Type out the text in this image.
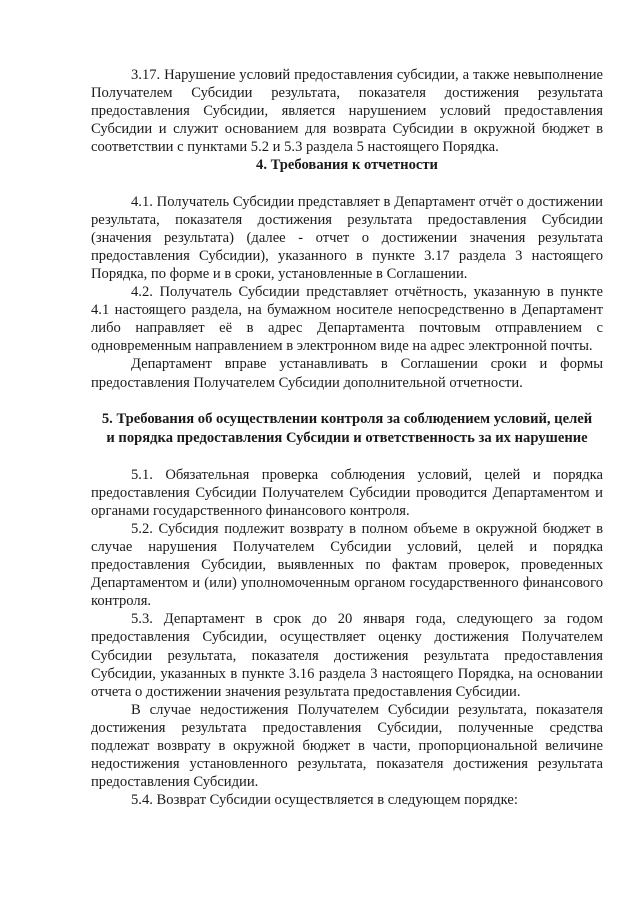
3.17. Нарушение условий предоставления субсидии, а также невыполнение Получателем Субсидии результата, показателя достижения результата предоставления Субсидии, является нарушением условий предоставления Субсидии и служит основанием для возврата Субсидии в окружной бюджет в соответствии с пунктами 5.2 и 5.3 раздела 5 настоящего Порядка.

4. Требования к отчетности

4.1. Получатель Субсидии представляет в Департамент отчёт о достижении результата, показателя достижения результата предоставления Субсидии (значения результата) (далее - отчет о достижении значения результата предоставления Субсидии), указанного в пункте 3.17 раздела 3 настоящего Порядка, по форме и в сроки, установленные в Соглашении.

4.2. Получатель Субсидии представляет отчётность, указанную в пункте 4.1 настоящего раздела, на бумажном носителе непосредственно в Департамент либо направляет её в адрес Департамента почтовым отправлением с одновременным направлением в электронном виде на адрес электронной почты.

Департамент вправе устанавливать в Соглашении сроки и формы предоставления Получателем Субсидии дополнительной отчетности.

5. Требования об осуществлении контроля за соблюдением условий, целей

и порядка предоставления Субсидии и ответственность за их нарушение

5.1. Обязательная проверка соблюдения условий, целей и порядка предоставления Субсидии Получателем Субсидии проводится Департаментом и органами государственного финансового контроля.

5.2. Субсидия подлежит возврату в полном объеме в окружной бюджет в случае нарушения Получателем Субсидии условий, целей и порядка предоставления Субсидии, выявленных по фактам проверок, проведенных Департаментом и (или) уполномоченным органом государственного финансового контроля.

5.3. Департамент в срок до 20 января года, следующего за годом предоставления Субсидии, осуществляет оценку достижения Получателем Субсидии результата, показателя достижения результата предоставления Субсидии, указанных в пункте 3.16 раздела 3 настоящего Порядка, на основании отчета о достижении значения результата предоставления Субсидии.

В случае недостижения Получателем Субсидии результата, показателя достижения результата предоставления Субсидии, полученные средства подлежат возврату в окружной бюджет в части, пропорциональной величине недостижения установленного результата, показателя достижения результата предоставления Субсидии.

5.4. Возврат Субсидии осуществляется в следующем порядке:
